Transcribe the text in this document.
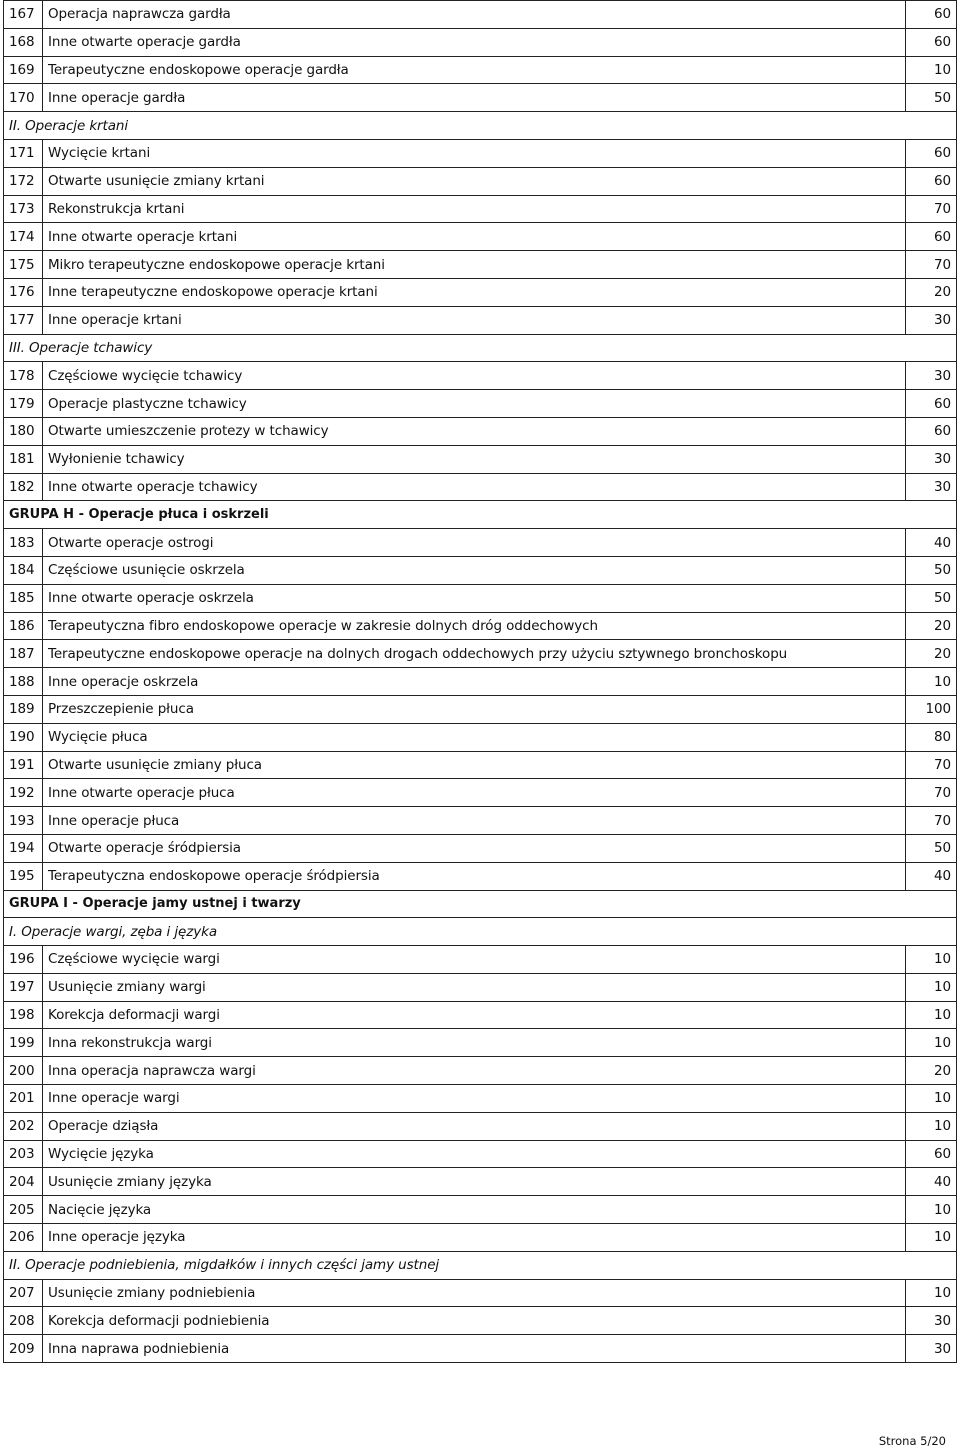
167	Operacja naprawcza gardła	60
168	Inne otwarte operacje gardła	60
169	Terapeutyczne endoskopowe operacje gardła	10
170	Inne operacje gardła	50
II. Operacje krtani		
171	Wycięcie krtani	60
172	Otwarte usunięcie zmiany krtani	60
173	Rekonstrukcja krtani	70
174	Inne otwarte operacje krtani	60
175	Mikro terapeutyczne endoskopowe operacje krtani	70
176	Inne terapeutyczne endoskopowe operacje krtani	20
177	Inne operacje krtani	30
III. Operacje tchawicy		
178	Częściowe wycięcie tchawicy	30
179	Operacje plastyczne tchawicy	60
180	Otwarte umieszczenie protezy w tchawicy	60
181	Wyłonienie tchawicy	30
182	Inne otwarte operacje tchawicy	30
GRUPA H - Operacje płuca i oskrzeli		
183	Otwarte operacje ostrogi	40
184	Częściowe usunięcie oskrzela	50
185	Inne otwarte operacje oskrzela	50
186	Terapeutyczna fibro endoskopowe operacje w zakresie dolnych dróg oddechowych	20
187	Terapeutyczne endoskopowe operacje na dolnych drogach oddechowych przy użyciu sztywnego bronchoskopu	20
188	Inne operacje oskrzela	10
189	Przeszczepienie płuca	100
190	Wycięcie płuca	80
191	Otwarte usunięcie zmiany płuca	70
192	Inne otwarte operacje płuca	70
193	Inne operacje płuca	70
194	Otwarte operacje śródpiersia	50
195	Terapeutyczna endoskopowe operacje śródpiersia	40
GRUPA I - Operacje jamy ustnej i twarzy		
I. Operacje wargi, zęba i języka		
196	Częściowe wycięcie wargi	10
197	Usunięcie zmiany wargi	10
198	Korekcja deformacji wargi	10
199	Inna rekonstrukcja wargi	10
200	Inna operacja naprawcza wargi	20
201	Inne operacje wargi	10
202	Operacje dziąsła	10
203	Wycięcie języka	60
204	Usunięcie zmiany języka	40
205	Nacięcie języka	10
206	Inne operacje języka	10
II. Operacje podniebienia, migdałków i innych części jamy ustnej		
207	Usunięcie zmiany podniebienia	10
208	Korekcja deformacji podniebienia	30
209	Inna naprawa podniebienia	30
Strona 5/20
